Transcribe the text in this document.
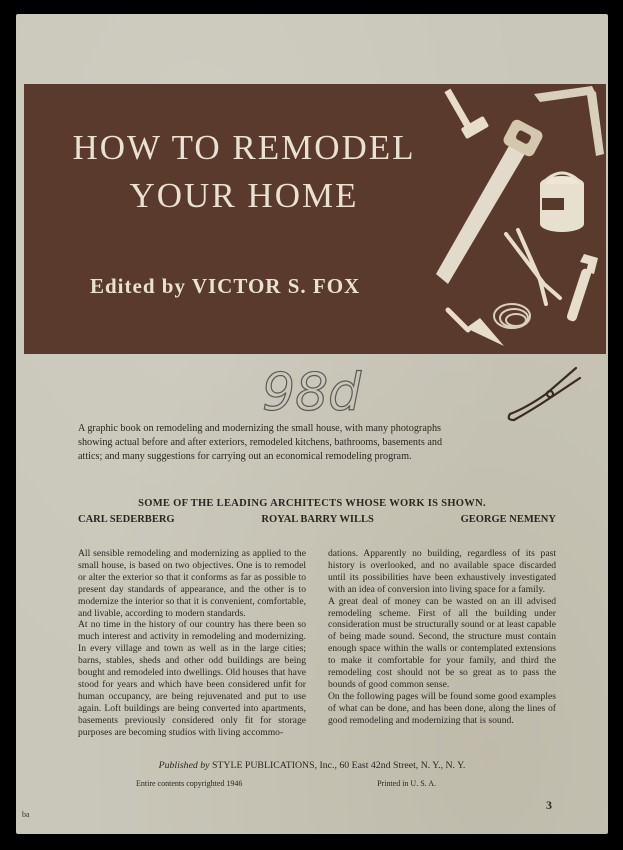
HOW TO REMODEL
YOUR HOME
Edited by VICTOR S. FOX
98d
A graphic book on remodeling and modernizing the small house, with many photographs showing actual before and after exteriors, remodeled kitchens, bathrooms, basements and attics; and many suggestions for carrying out an economical remodeling program.
SOME OF THE LEADING ARCHITECTS WHOSE WORK IS SHOWN.
CARL SEDERBERG	ROYAL BARRY WILLS	GEORGE NEMENY

All sensible remodeling and modernizing as applied to the small house, is based on two objectives. One is to remodel or alter the exterior so that it conforms as far as possible to present day standards of appearance, and the other is to modernize the interior so that it is convenient, comfortable, and livable, according to modern standards.

At no time in the history of our country has there been so much interest and activity in remodeling and modernizing. In every village and town as well as in the large cities; barns, stables, sheds and other odd buildings are being bought and remodeled into dwellings. Old houses that have stood for years and which have been considered unfit for human occupancy, are being rejuvenated and put to use again. Loft buildings are being converted into apartments, basements previously considered only fit for storage purposes are becoming studios with living accommo-

dations. Apparently no building, regardless of its past history is overlooked, and no available space discarded until its possibilities have been exhaustively investigated with an idea of conversion into living space for a family.

A great deal of money can be wasted on an ill advised remodeling scheme. First of all the building under consideration must be structurally sound or at least capable of being made sound. Second, the structure must contain enough space within the walls or contemplated extensions to make it comfortable for your family, and third the remodeling cost should not be so great as to pass the bounds of good common sense.

On the following pages will be found some good examples of what can be done, and has been done, along the lines of good remodeling and modernizing that is sound.

Published by STYLE PUBLICATIONS, Inc., 60 East 42nd Street, N. Y., N. Y.
Entire contents copyrighted 1946	Printed in U. S. A.
3
ba
